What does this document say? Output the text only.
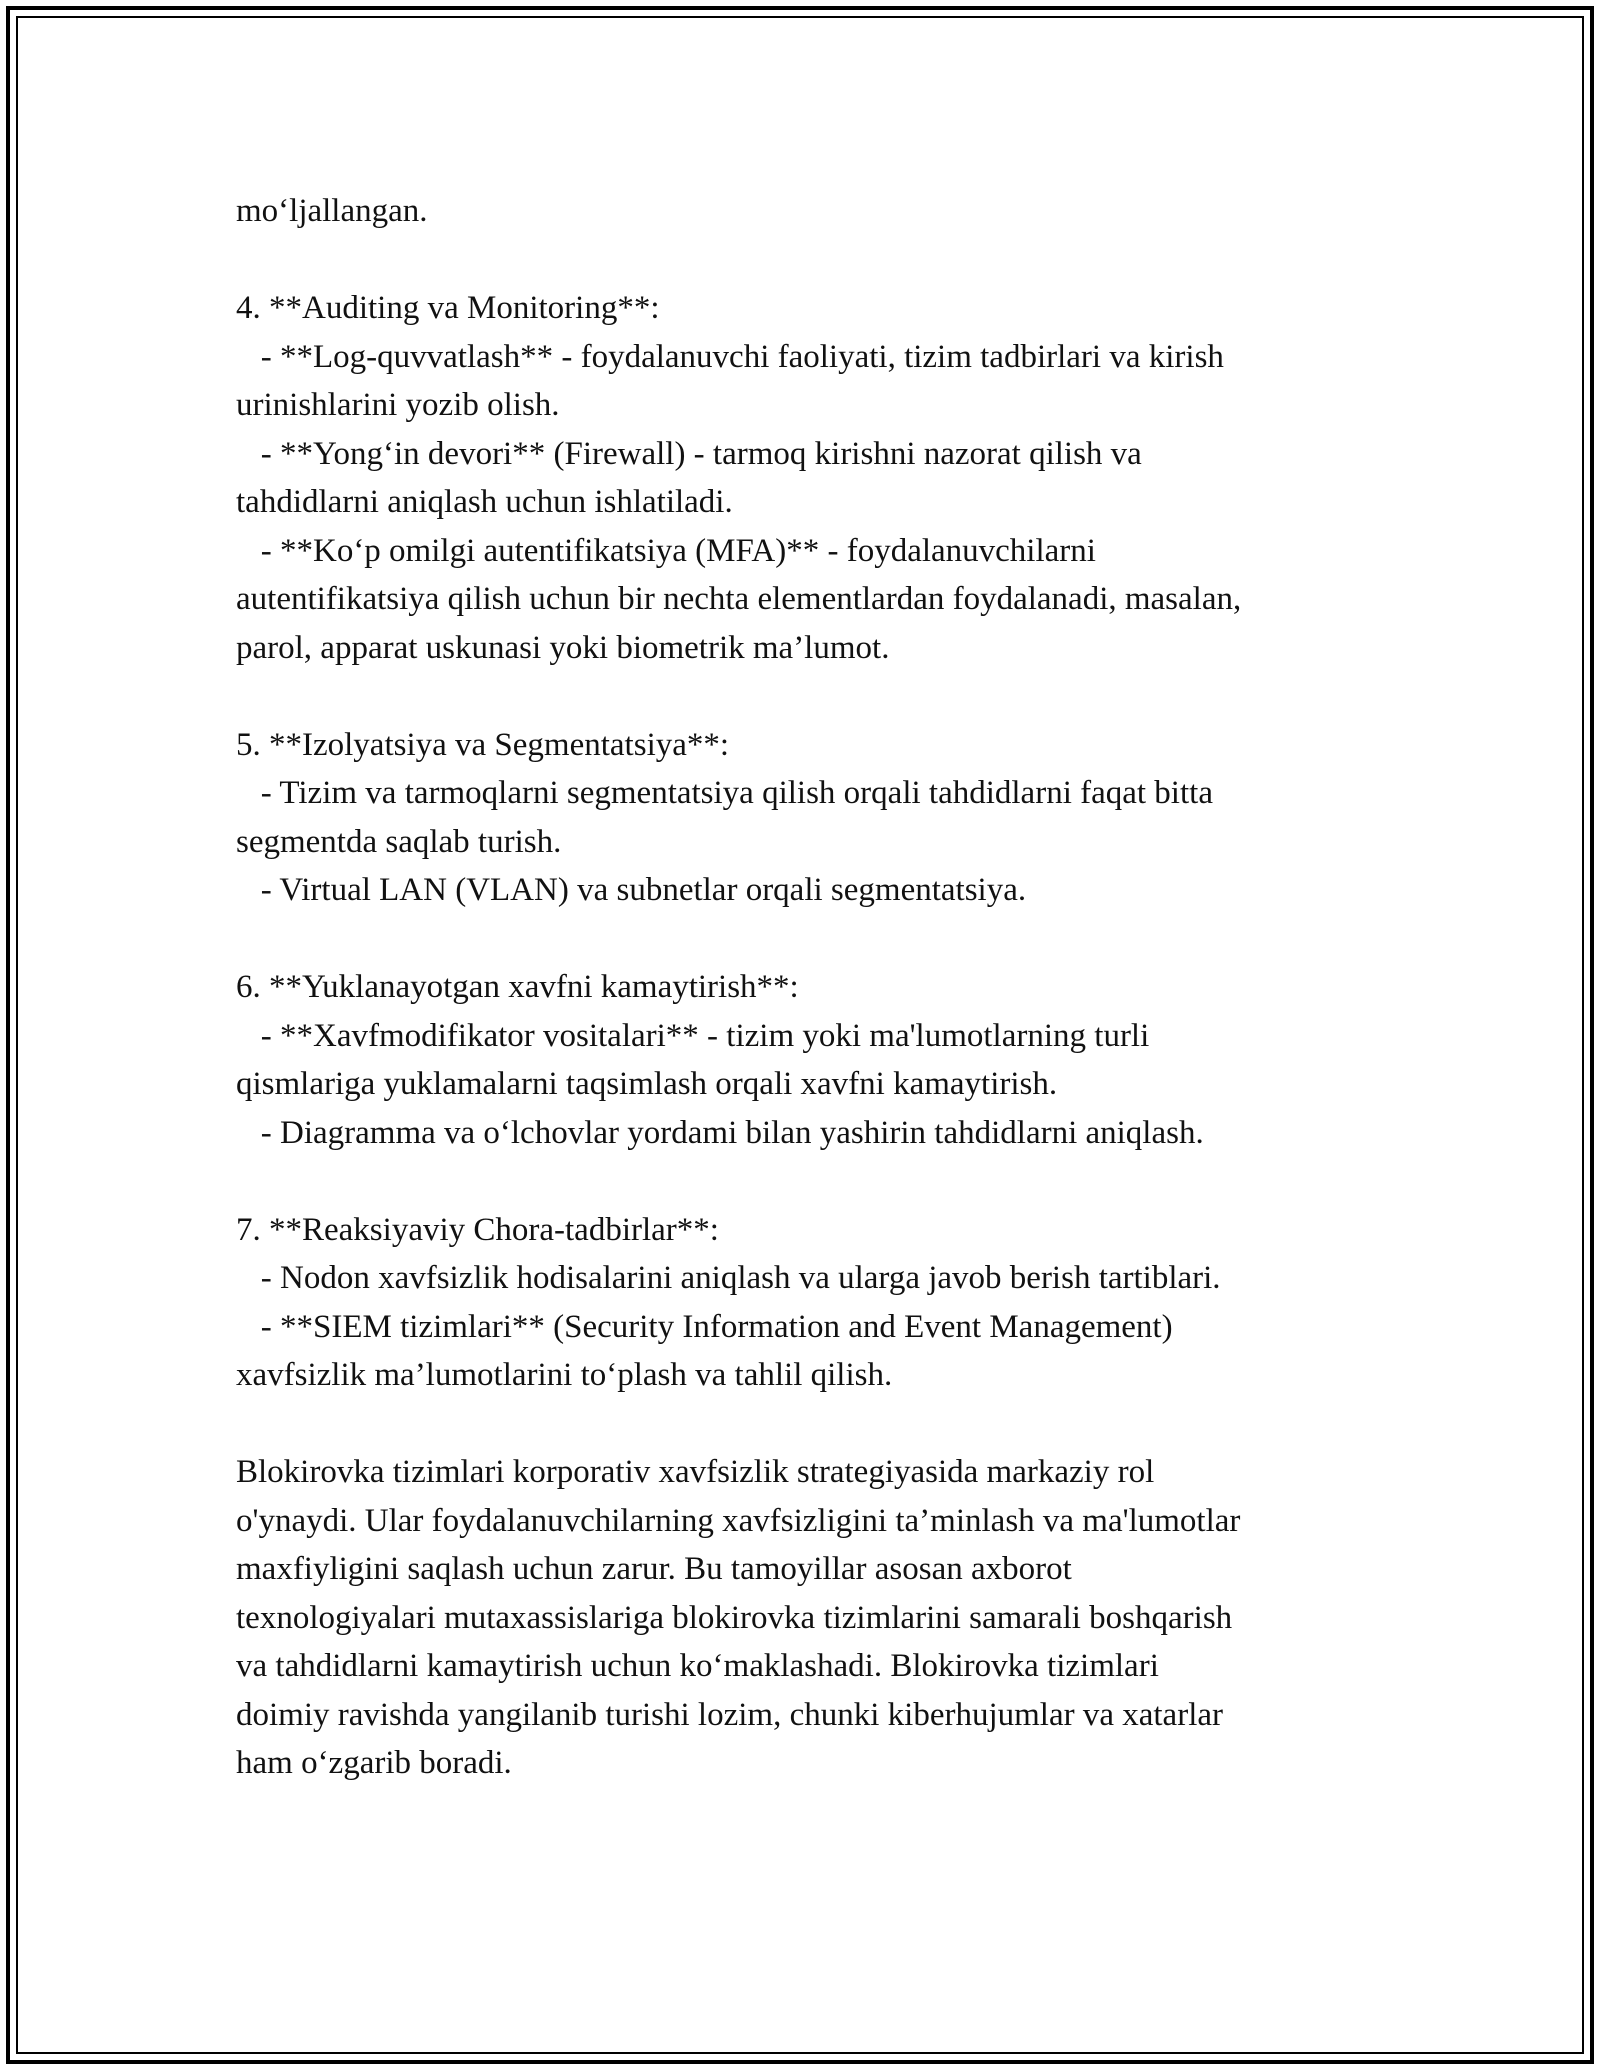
mo‘ljallangan.
4. **Auditing va Monitoring**:
- **Log-quvvatlash** - foydalanuvchi faoliyati, tizim tadbirlari va kirish
urinishlarini yozib olish.
- **Yong‘in devori** (Firewall) - tarmoq kirishni nazorat qilish va
tahdidlarni aniqlash uchun ishlatiladi.
- **Ko‘p omilgi autentifikatsiya (MFA)** - foydalanuvchilarni
autentifikatsiya qilish uchun bir nechta elementlardan foydalanadi, masalan,
parol, apparat uskunasi yoki biometrik ma’lumot.
5. **Izolyatsiya va Segmentatsiya**:
- Tizim va tarmoqlarni segmentatsiya qilish orqali tahdidlarni faqat bitta
segmentda saqlab turish.
- Virtual LAN (VLAN) va subnetlar orqali segmentatsiya.
6. **Yuklanayotgan xavfni kamaytirish**:
- **Xavfmodifikator vositalari** - tizim yoki ma'lumotlarning turli
qismlariga yuklamalarni taqsimlash orqali xavfni kamaytirish.
- Diagramma va o‘lchovlar yordami bilan yashirin tahdidlarni aniqlash.
7. **Reaksiyaviy Chora-tadbirlar**:
- Nodon xavfsizlik hodisalarini aniqlash va ularga javob berish tartiblari.
- **SIEM tizimlari** (Security Information and Event Management)
xavfsizlik ma’lumotlarini to‘plash va tahlil qilish.
Blokirovka tizimlari korporativ xavfsizlik strategiyasida markaziy rol
o'ynaydi. Ular foydalanuvchilarning xavfsizligini ta’minlash va ma'lumotlar
maxfiyligini saqlash uchun zarur. Bu tamoyillar asosan axborot
texnologiyalari mutaxassislariga blokirovka tizimlarini samarali boshqarish
va tahdidlarni kamaytirish uchun ko‘maklashadi. Blokirovka tizimlari
doimiy ravishda yangilanib turishi lozim, chunki kiberhujumlar va xatarlar
ham o‘zgarib boradi.
